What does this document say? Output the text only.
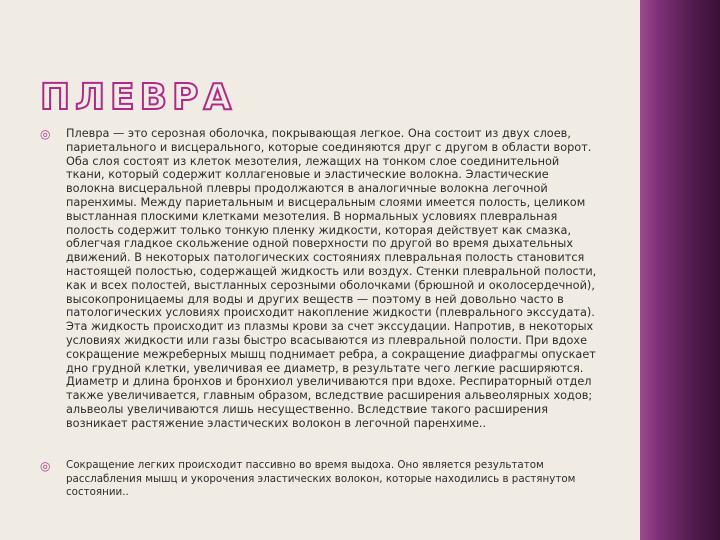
ПЛЕВРА
◎	Плевра — это серозная оболочка, покрывающая легкое. Она состоит из двух слоев, париетального и висцерального, которые соединяются друг с другом в области ворот. Оба слоя состоят из клеток мезотелия, лежащих на тонком слое соединительной ткани, который содержит коллагеновые и эластические волокна. Эластические волокна висцеральной плевры продолжаются в аналогичные волокна легочной паренхимы. Между париетальным и висцеральным слоями имеется полость, целиком выстланная плоскими клетками мезотелия. В нормальных условиях плевральная полость содержит только тонкую пленку жидкости, которая действует как смазка, облегчая гладкое скольжение одной поверхности по другой во время дыхательных движений. В некоторых патологических состояниях плевральная полость становится настоящей полостью, содержащей жидкость или воздух. Стенки плевральной полости, как и всех полостей, выстланных серозными оболочками (брюшной и околосердечной), высокопроницаемы для воды и других веществ — поэтому в ней довольно часто в патологических условиях происходит накопление жидкости (плеврального экссудата). Эта жидкость происходит из плазмы крови за счет экссудации. Напротив, в некоторых условиях жидкости или газы быстро всасываются из плевральной полости. При вдохе сокращение межреберных мышц поднимает ребра, а сокращение диафрагмы опускает дно грудной клетки, увеличивая ее диаметр, в результате чего легкие расширяются. Диаметр и длина бронхов и бронхиол увеличиваются при вдохе. Респираторный отдел также увеличивается, главным образом, вследствие расширения альвеолярных ходов; альвеолы увеличиваются лишь несущественно. Вследствие такого расширения возникает растяжение эластических волокон в легочной паренхиме..
◎	Сокращение легких происходит пассивно во время выдоха. Оно является результатом расслабления мышц и укорочения эластических волокон, которые находились в растянутом состоянии..
